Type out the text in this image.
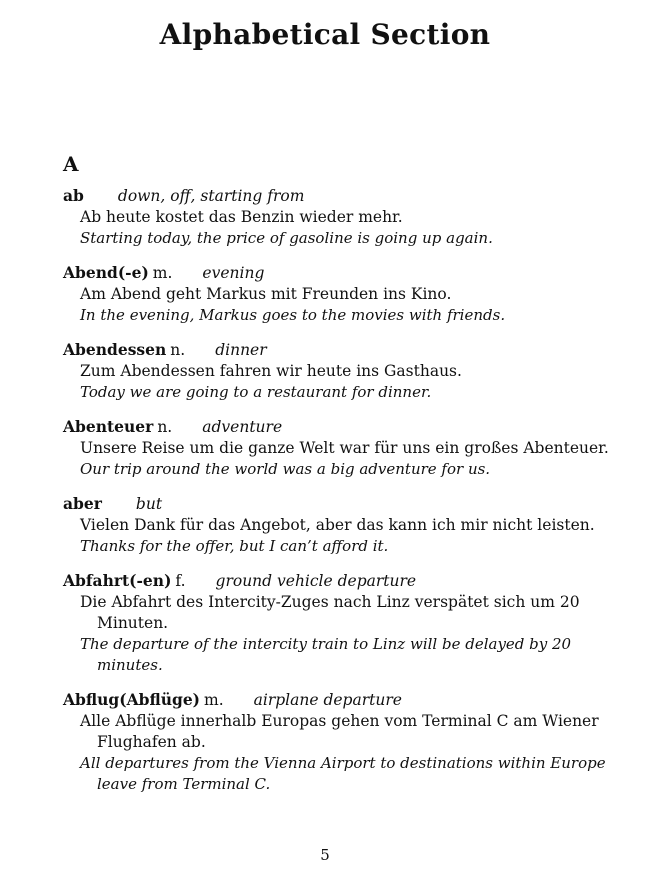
Alphabetical Section
A
ab down, off, starting from
Ab heute kostet das Benzin wieder mehr.
Starting today, the price of gasoline is going up again.
Abend(-e) m. evening
Am Abend geht Markus mit Freunden ins Kino.
In the evening, Markus goes to the movies with friends.
Abendessen n. dinner
Zum Abendessen fahren wir heute ins Gasthaus.
Today we are going to a restaurant for dinner.
Abenteuer n. adventure
Unsere Reise um die ganze Welt war für uns ein großes Abenteuer.
Our trip around the world was a big adventure for us.
aber but
Vielen Dank für das Angebot, aber das kann ich mir nicht leisten.
Thanks for the offer, but I can’t afford it.
Abfahrt(-en) f. ground vehicle departure
Die Abfahrt des Intercity-Zuges nach Linz verspätet sich um 20 Minuten.
The departure of the intercity train to Linz will be delayed by 20 minutes.
Abflug(Abflüge) m. airplane departure
Alle Abflüge innerhalb Europas gehen vom Terminal C am Wiener Flughafen ab.
All departures from the Vienna Airport to destinations within Europe leave from Terminal C.
5
